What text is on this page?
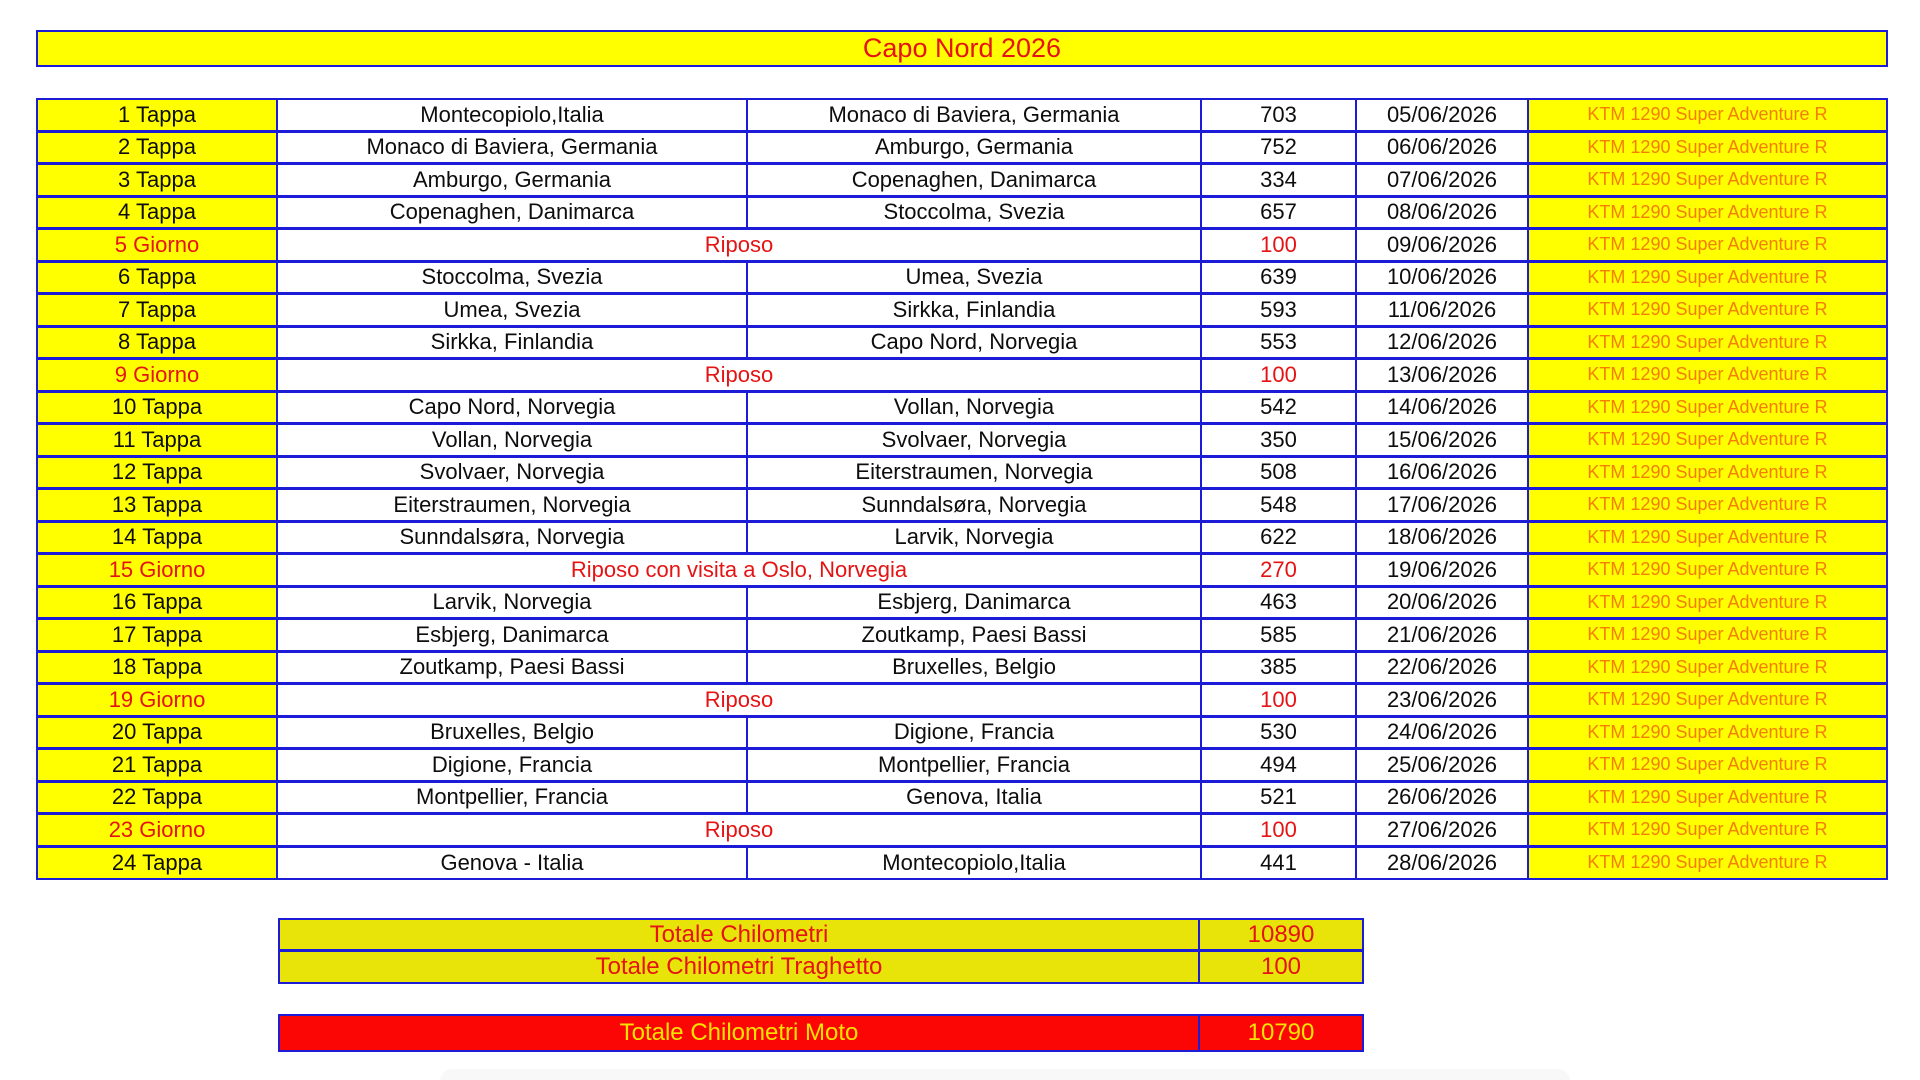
Capo Nord 2026
1 Tappa	Montecopiolo,Italia	Monaco di Baviera, Germania	703	05/06/2026	KTM 1290 Super Adventure R
2 Tappa	Monaco di Baviera, Germania	Amburgo, Germania	752	06/06/2026	KTM 1290 Super Adventure R
3 Tappa	Amburgo, Germania	Copenaghen, Danimarca	334	07/06/2026	KTM 1290 Super Adventure R
4 Tappa	Copenaghen, Danimarca	Stoccolma, Svezia	657	08/06/2026	KTM 1290 Super Adventure R
5 Giorno	Riposo	100	09/06/2026	KTM 1290 Super Adventure R
6 Tappa	Stoccolma, Svezia	Umea, Svezia	639	10/06/2026	KTM 1290 Super Adventure R
7 Tappa	Umea, Svezia	Sirkka, Finlandia	593	11/06/2026	KTM 1290 Super Adventure R
8 Tappa	Sirkka, Finlandia	Capo Nord, Norvegia	553	12/06/2026	KTM 1290 Super Adventure R
9 Giorno	Riposo	100	13/06/2026	KTM 1290 Super Adventure R
10 Tappa	Capo Nord, Norvegia	Vollan, Norvegia	542	14/06/2026	KTM 1290 Super Adventure R
11 Tappa	Vollan, Norvegia	Svolvaer, Norvegia	350	15/06/2026	KTM 1290 Super Adventure R
12 Tappa	Svolvaer, Norvegia	Eiterstraumen, Norvegia	508	16/06/2026	KTM 1290 Super Adventure R
13 Tappa	Eiterstraumen, Norvegia	Sunndalsøra, Norvegia	548	17/06/2026	KTM 1290 Super Adventure R
14 Tappa	Sunndalsøra, Norvegia	Larvik, Norvegia	622	18/06/2026	KTM 1290 Super Adventure R
15 Giorno	Riposo con visita a Oslo, Norvegia	270	19/06/2026	KTM 1290 Super Adventure R
16 Tappa	Larvik, Norvegia	Esbjerg, Danimarca	463	20/06/2026	KTM 1290 Super Adventure R
17 Tappa	Esbjerg, Danimarca	Zoutkamp, Paesi Bassi	585	21/06/2026	KTM 1290 Super Adventure R
18 Tappa	Zoutkamp, Paesi Bassi	Bruxelles, Belgio	385	22/06/2026	KTM 1290 Super Adventure R
19 Giorno	Riposo	100	23/06/2026	KTM 1290 Super Adventure R
20 Tappa	Bruxelles, Belgio	Digione, Francia	530	24/06/2026	KTM 1290 Super Adventure R
21 Tappa	Digione, Francia	Montpellier, Francia	494	25/06/2026	KTM 1290 Super Adventure R
22 Tappa	Montpellier, Francia	Genova, Italia	521	26/06/2026	KTM 1290 Super Adventure R
23 Giorno	Riposo	100	27/06/2026	KTM 1290 Super Adventure R
24 Tappa	Genova - Italia	Montecopiolo,Italia	441	28/06/2026	KTM 1290 Super Adventure R
Totale Chilometri	10890
Totale Chilometri Traghetto	100
Totale Chilometri Moto	10790
